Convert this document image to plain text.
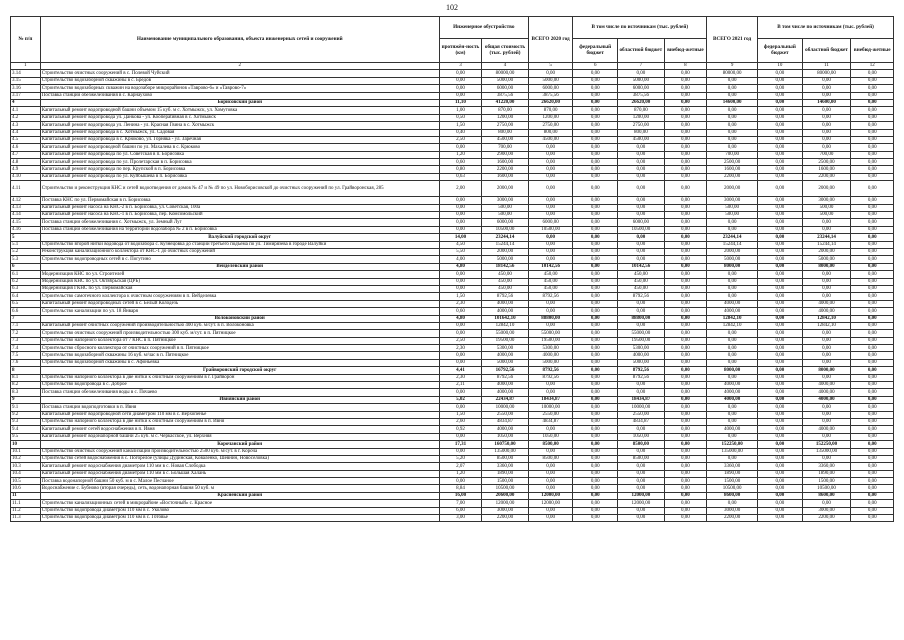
102
№ п/п	Наименование муниципального образования, объекта инженерных сетей и сооружений	Инженерное обустройство		ВСЕГО 2020 год	В том числе по источникам (тыс. рублей)			ВСЕГО 2021 год	В том числе по источникам (тыс. рублей)		
		протяжён-ность (км)	общая стоимость (тыс. рублей)		федеральный бюджет	областной бюджет	внебюд-жетные		федеральный бюджет	областной бюджет	внебюд-жетные
1	2	3	4	5	6	7	8	9	10	11	12
3.14	Строительство очистных сооружений в с. Полевой Чуйский	0,00	80000,00	0,00	0,00	0,00	0,00	80000,00	0,00	80000,00	0,00
3.15	Строительство водозаборной скважины в с. Бредов	0,00	5000,00	5000,00	0,00	5000,00	0,00	0,00	0,00	0,00	0,00
3.16	Строительство водозаборных скважин на водозаборе микрорайонов «Таврово-6» и «Таврово-7»	0,00	6000,00	6000,00	0,00	6000,00	0,00	0,00	0,00	0,00	0,00
3.17	Поставка станции обезжелезивания в с. Карнаухово	0,00	3875,56	3875,56	0,00	3875,56	0,00	0,00	0,00	0,00	0,00
4	Борисовский район	11,10	41220,00	26620,00	0,00	26620,00	0,00	14600,00	0,00	14600,00	0,00
4.1	Капитальный ремонт водопроводной башни объемом 15 куб. м с. Хотмыжск, ул. Хомутовка	1,00	870,00	870,00	0,00	870,00	0,00	0,00	0,00	0,00	0,00
4.2	Капитальный ремонт водопровода ул. Данкова - ул. Коопераtивная в с. Хотмыжск	0,50	1200,00	1200,00	0,00	1200,00	0,00	0,00	0,00	0,00	0,00
4.3	Капитальный ремонт водопровода ул. Ленина - ул. Красная Гвина в с. Хотмыжск	1,50	2750,00	2750,00	0,00	2750,00	0,00	0,00	0,00	0,00	0,00
4.4	Капитальный ремонт водопровода в с. Хотмыжск, ул. Садовая	0,40	800,00	800,00	0,00	800,00	0,00	0,00	0,00	0,00	0,00
4.5	Капитальный ремонт водопровода в с. Крюково, ул. Горняка - ул. Заречная	2,50	4500,00	4500,00	0,00	4500,00	0,00	0,00	0,00	0,00	0,00
4.6	Капитальный ремонт водопроводной башни по ул. Махалева в с. Крюково	0,00	700,00	0,00	0,00	0,00	0,00	0,00	0,00	0,00	0,00
4.7	Капитальный ремонт водопровода по ул. Советская в п. Борисовка	1,20	2900,00	0,00	0,00	0,00	0,00	700,00	0,00	700,00	0,00
4.8	Капитальный ремонт водопровода по ул. Пролетарская в п. Борисовка	0,60	1600,00	0,00	0,00	0,00	0,00	2500,00	0,00	2500,00	0,00
4.9	Капитальный ремонт водопровода по пер. Крупской в п. Борисовка	0,80	2200,00	0,00	0,00	0,00	0,00	1600,00	0,00	1600,00	0,00
4.10	Капитальный ремонт водопровода по ул. Куйбышева в п. Борисовка	0,63	1600,00	0,00	0,00	0,00	0,00	2200,00	0,00	2200,00	0,00
4.11	Строительство и реконструкция КНС и сетей водоотведения от домов № 47 и № 49 по ул. Новоборисовской до очистных сооружений по ул. Грайворонская, 285	2,00	2000,00	0,00	0,00	0,00	0,00	2000,00	0,00	2000,00	0,00
4.12	Поставка КНС по ул. Первомайская в п. Борисовка	0,00	3000,00	0,00	0,00	0,00	0,00	3000,00	0,00	3000,00	0,00
4.13	Капитальный ремонт насоса на КНС-2 в п. Борисовка, ул. Советская, 100а	0,00	500,00	0,00	0,00	0,00	0,00	500,00	0,00	500,00	0,00
4.14	Капитальный ремонт насоса на КНС-1 в п. Борисовка, пер. Комсомольский	0,00	500,00	0,00	0,00	0,00	0,00	500,00	0,00	500,00	0,00
4.15	Поставка станции обезжелезивания с. Хотмыжск, ул. Земный Луг	0,00	6000,00	6000,00	0,00	6000,00	0,00	0,00	0,00	0,00	0,00
4.16	Поставка станции обезжелезивания на территории водозабора № 2 в п. Борисовка	0,00	10500,00	10500,00	0,00	10500,00	0,00	0,00	0,00	0,00	0,00
5	Валуйский городской округ	14,00	23244,14	0,00	0,00	0,00	0,00	23244,14	0,00	23244,14	0,00
5.1	Строительство второй нитки водовода от водозабора с. Кузнецовка до станции третьего подъема по ул. Тимирязева в городе Валуйки	4,50	15244,14	0,00	0,00	0,00	0,00	15244,14	0,00	15244,14	0,00
5.2	Реконструкция канализационного коллектора от КНС-1 до очистных сооружений	5,50	2000,00	0,00	0,00	0,00	0,00	2000,00	0,00	2000,00	0,00
5.3	Строительство водопроводных сетей в с. Погутино	4,00	5000,00	0,00	0,00	0,00	0,00	5000,00	0,00	5000,00	0,00
6	Вейделевский район	4,80	18142,56	10142,56	0,00	10142,56	0,00	8000,00	0,00	8000,00	0,00
6.1	Модернизация КНС по ул. Строителей	0,00	450,00	450,00	0,00	450,00	0,00	0,00	0,00	0,00	0,00
6.2	Модернизация КНС по ул. Октябрьская (ЦРБ)	0,00	450,00	450,00	0,00	450,00	0,00	0,00	0,00	0,00	0,00
6.3	Модернизация ГКНС по ул. Первомайская	0,00	450,00	450,00	0,00	450,00	0,00	0,00	0,00	0,00	0,00
6.4	Строительство самотечного коллектора к очистным сооружениям в п. Вейделевка	1,50	8792,56	8792,56	0,00	8792,56	0,00	0,00	0,00	0,00	0,00
6.5	Капитальный ремонт водопроводных сетей в с. Белый Колодезь	2,30	4000,00	0,00	0,00	0,00	0,00	4000,00	0,00	4000,00	0,00
6.6	Строительство канализации по ул. 18 Января	0,60	4000,00	0,00	0,00	0,00	0,00	4000,00	0,00	4000,00	0,00
7	Волоконовский район	4,80	101642,10	88800,00	0,00	88800,00	0,00	12842,10	0,00	12842,10	0,00
7.1	Капитальный ремонт очистных сооружений производительностью 400 куб. м/сут. в п. Волоконовка	0,00	12842,10	0,00	0,00	0,00	0,00	12842,10	0,00	12842,10	0,00
7.2	Строительство очистных сооружений производительностью 300 куб. м/сут. в п. Пятницкое	0,00	55000,00	55000,00	0,00	55000,00	0,00	0,00	0,00	0,00	0,00
7.3	Строительство напорного коллектора от 7 КНС в п. Пятницкое	2,50	19500,00	19500,00	0,00	19500,00	0,00	0,00	0,00	0,00	0,00
7.4	Строительство сбросного коллектора от очистных сооружений в п. Пятницкое	2,30	5300,00	5300,00	0,00	5300,00	0,00	0,00	0,00	0,00	0,00
7.5	Строительство водозаборной скважины 16 куб. м/час в п. Пятницкое	0,00	4000,00	4000,00	0,00	4000,00	0,00	0,00	0,00	0,00	0,00
7.6	Строительство водозаборной скважины в с. Афоньевка	0,00	5000,00	5000,00	0,00	5000,00	0,00	0,00	0,00	0,00	0,00
8	Грайворонский городской округ	4,41	16792,56	8792,56	0,00	8792,56	0,00	8000,00	0,00	8000,00	0,00
8.1	Строительство напорного коллектора в две нитки к очистным сооружениям в г. Грайворон	2,30	8792,56	8792,56	0,00	8792,56	0,00	0,00	0,00	0,00	0,00
8.2	Строительство водопровода в с. Доброе	2,11	4000,00	0,00	0,00	0,00	0,00	4000,00	0,00	4000,00	0,00
8.3	Поставка станции обезжелезивания воды в с. Почаево	0,00	4000,00	0,00	0,00	0,00	0,00	4000,00	0,00	4000,00	0,00
9	Ивнянский район	5,02	22434,87	18434,87	0,00	18434,87	0,00	4000,00	0,00	4000,00	0,00
9.1	Поставка станции водоподготовки в п. Ивня	0,00	10000,00	10000,00	0,00	10000,00	0,00	0,00	0,00	0,00	0,00
9.2	Капитальный ремонт водопроводной сети диаметром 110 мм в с. Верхопенье	1,50	2550,00	2550,00	0,00	2550,00	0,00	0,00	0,00	0,00	0,00
9.3	Строительство напорного коллектора в две нитки к очистным сооружениям в п. Ивня	2,60	4834,87	4834,87	0,00	4834,87	0,00	0,00	0,00	0,00	0,00
9.4	Капитальный ремонт сетей водоснабжения в п. Ивня	0,92	4000,00	0,00	0,00	0,00	0,00	4000,00	0,00	4000,00	0,00
9.5	Капитальный ремонт водонапорной башни 25 куб. м с. Черкасское, ул. Верхняя	0,00	1050,00	1050,00	0,00	1050,00	0,00	0,00	0,00	0,00	0,00
10	Корочанский район	17,31	160750,00	8500,00	0,00	8500,00	0,00	152250,00	0,00	152250,00	0,00
10.1	Строительство очистных сооружений канализации производительностью 2500 куб. м/сут. в г. Короча	0,00	135000,00	0,00	0,00	0,00	0,00	135000,00	0,00	135000,00	0,00
10.2	Строительство сетей водоснабжения в с. Погорелое (улицы Дудинская, Коваленко, Шевнин, Новоселовка)	5,20	8500,00	8500,00	0,00	8500,00	0,00	0,00	0,00	0,00	0,00
10.3	Капитальный ремонт водоснабжения диаметром 110 мм в с. Новая Слободка	2,07	3360,00	0,00	0,00	0,00	0,00	3360,00	0,00	3360,00	0,00
10.4	Капитальный ремонт водоснабжения диаметром 110 мм в с. Большая Халань	1,20	1890,00	0,00	0,00	0,00	0,00	1890,00	0,00	1890,00	0,00
10.5	Поставка водонапорной башни 50 куб. м в с. Малое Песчаное	0,00	1500,00	0,00	0,00	0,00	0,00	1500,00	0,00	1500,00	0,00
10.6	Водоснабжение с. Бубново (вторая очередь), сеть, водонапорная башня 50 куб. м	8,84	10500,00	0,00	0,00	0,00	0,00	10500,00	0,00	10500,00	0,00
11	Красненский район	16,00	20600,00	12000,00	0,00	12000,00	0,00	8600,00	0,00	8600,00	0,00
11.1	Строительство канализационных сетей в микрорайоне «Восточный» с. Красное	7,00	12000,00	12000,00	0,00	12000,00	0,00	0,00	0,00	0,00	0,00
11.2	Строительство водопровода диаметром 110 мм в с. Уколово	6,00	3000,00	0,00	0,00	0,00	0,00	3000,00	0,00	3000,00	0,00
11.3	Строительство водопровода диаметром 110 мм в с. Готовье	3,00	2200,00	0,00	0,00	0,00	0,00	2200,00	0,00	2200,00	0,00
